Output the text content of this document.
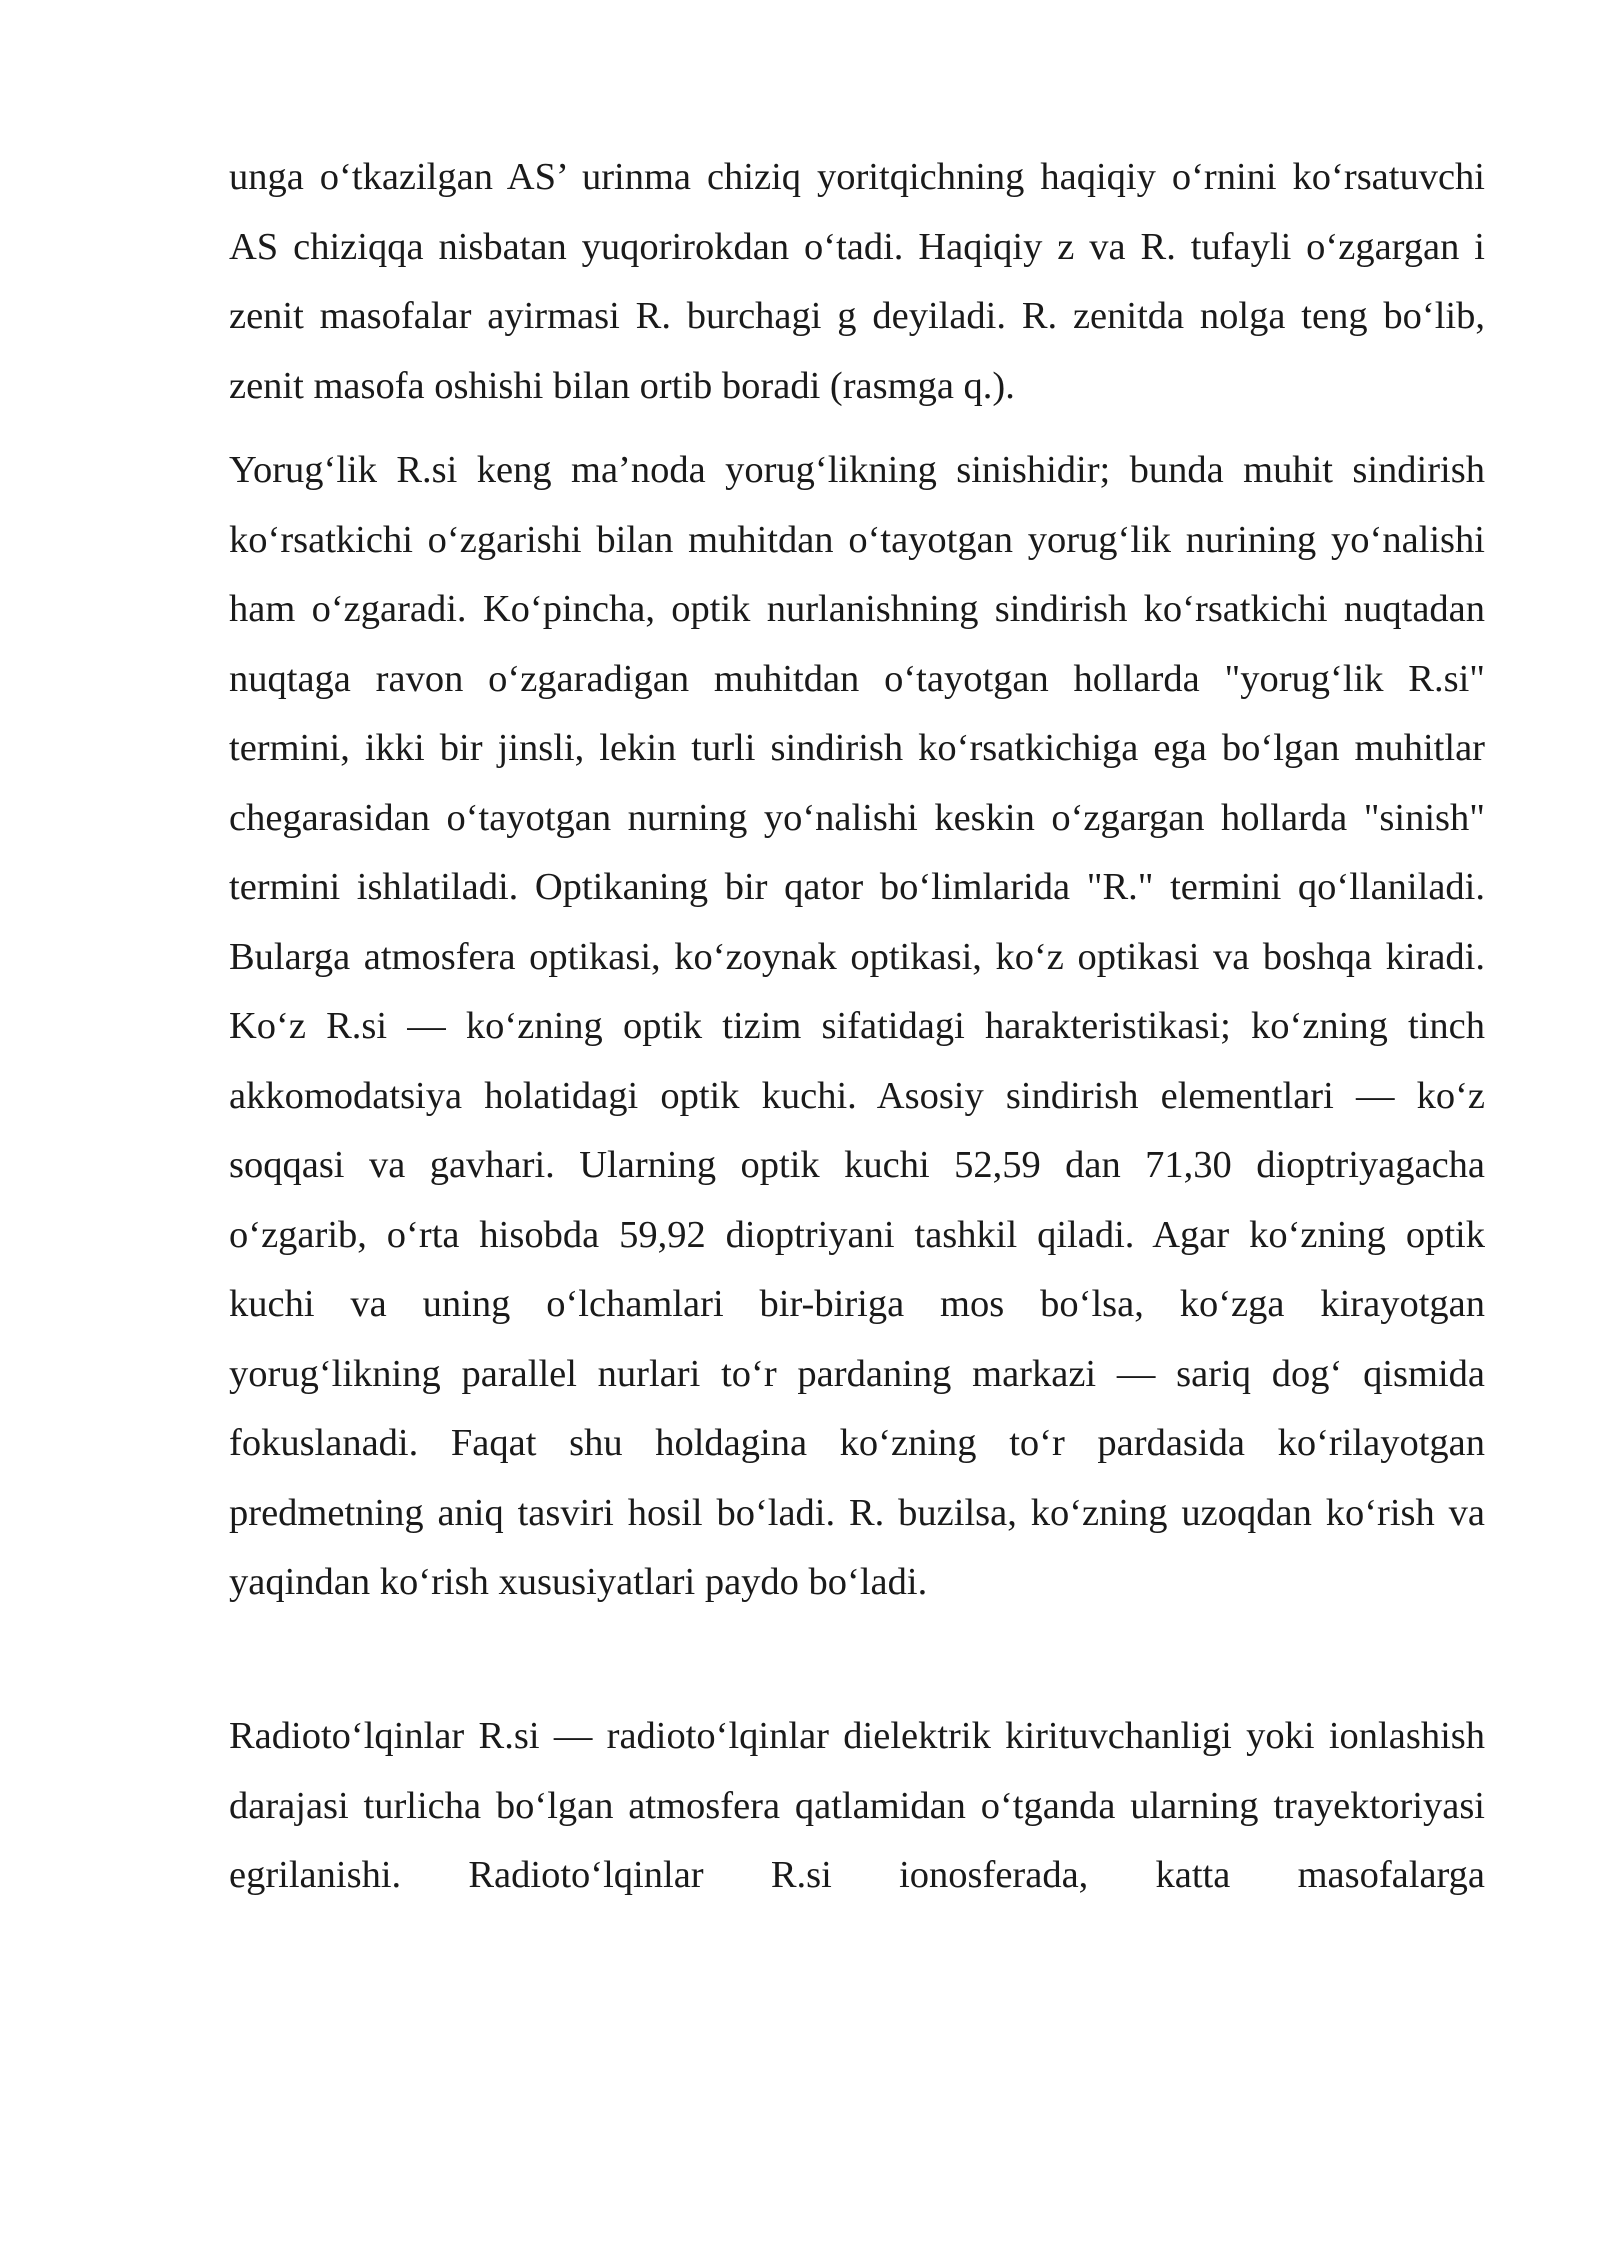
unga o‘tkazilgan AS’ urinma chiziq yoritqichning haqiqiy o‘rnini ko‘rsatuvchi AS chiziqqa nisbatan yuqorirokdan o‘tadi. Haqiqiy z va R. tufayli o‘zgargan i zenit masofalar ayirmasi R. burchagi g deyiladi. R. zenitda nolga teng bo‘lib, zenit masofa oshishi bilan ortib boradi (rasmga q.).

Yorug‘lik R.si keng ma’noda yorug‘likning sinishidir; bunda muhit sindirish ko‘rsatkichi o‘zgarishi bilan muhitdan o‘tayotgan yorug‘lik nurining yo‘nalishi ham o‘zgaradi. Ko‘pincha, optik nurlanishning sindirish ko‘rsatkichi nuqtadan nuqtaga ravon o‘zgaradigan muhitdan o‘tayotgan hollarda "yorug‘lik R.si" termini, ikki bir jinsli, lekin turli sindirish ko‘rsatkichiga ega bo‘lgan muhitlar chegarasidan o‘tayotgan nurning yo‘nalishi keskin o‘zgargan hollarda "sinish" termini ishlatiladi. Optikaning bir qator bo‘limlarida "R." termini qo‘llaniladi. Bularga atmosfera optikasi, ko‘zoynak optikasi, ko‘z optikasi va boshqa kiradi. Ko‘z R.si — ko‘zning optik tizim sifatidagi harakteristikasi; ko‘zning tinch akkomodatsiya holatidagi optik kuchi. Asosiy sindirish elementlari — ko‘z soqqasi va gavhari. Ularning optik kuchi 52,59 dan 71,30 dioptriyagacha o‘zgarib, o‘rta hisobda 59,92 dioptriyani tashkil qiladi. Agar ko‘zning optik kuchi va uning o‘lchamlari bir-biriga mos bo‘lsa, ko‘zga kirayotgan yorug‘likning parallel nurlari to‘r pardaning markazi — sariq dog‘ qismida fokuslanadi. Faqat shu holdagina ko‘zning to‘r pardasida ko‘rilayotgan predmetning aniq tasviri hosil bo‘ladi. R. buzilsa, ko‘zning uzoqdan ko‘rish va yaqindan ko‘rish xususiyatlari paydo bo‘ladi.

Radioto‘lqinlar R.si — radioto‘lqinlar dielektrik kirituvchanligi yoki ionlashish darajasi turlicha bo‘lgan atmosfera qatlamidan o‘tganda ularning trayektoriyasi egrilanishi. Radioto‘lqinlar R.si ionosferada, katta masofalarga
